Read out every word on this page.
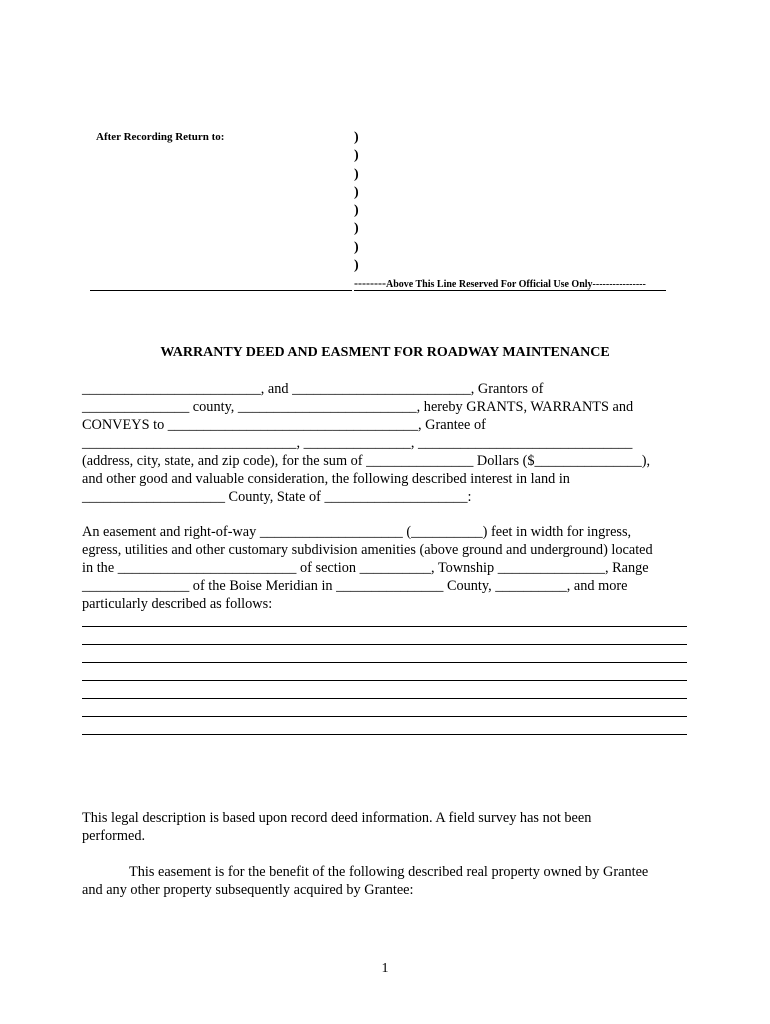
After Recording Return to:	)
)
)
)
)
)
)
)
--------Above This Line Reserved For Official Use Only----------------
WARRANTY DEED AND EASMENT FOR ROADWAY MAINTENANCE
_________________________, and _________________________, Grantors of
_______________ county, _________________________, hereby GRANTS, WARRANTS and
CONVEYS to ___________________________________, Grantee of
______________________________, _______________, ______________________________
(address, city, state, and zip code), for the sum of _______________ Dollars ($_______________),
and other good and valuable consideration, the following described interest in land in
____________________ County, State of ____________________:
An easement and right-of-way ____________________ (__________) feet in width for ingress,
egress, utilities and other customary subdivision amenities (above ground and underground) located
in the _________________________ of section __________, Township _______________, Range
_______________ of the Boise Meridian in _______________ County, __________, and more
particularly described as follows:
This legal description is based upon record deed information. A field survey has not been
performed.
This easement is for the benefit of the following described real property owned by Grantee
and any other property subsequently acquired by Grantee:
1
